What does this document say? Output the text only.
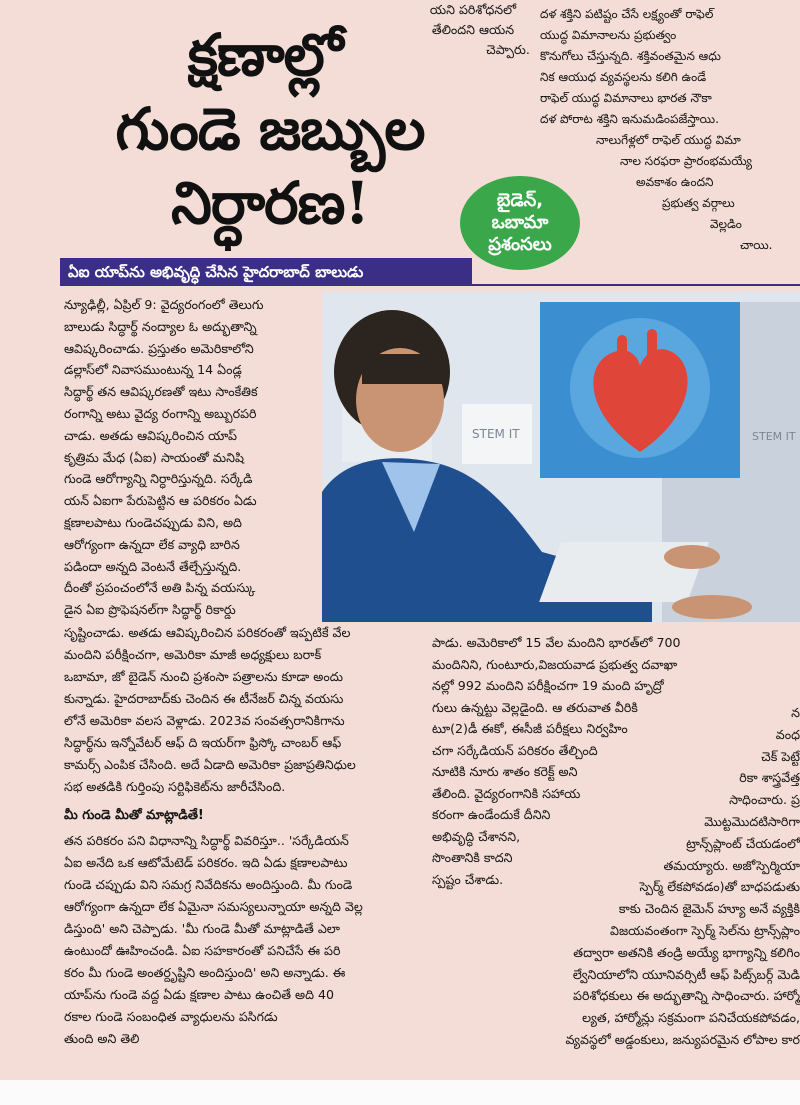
యని పరిశోధనలో

తేలిందని ఆయన

చెప్పారు.

దళ శక్తిని పటిష్టం చేసే లక్ష్యంతో రాఫెల్

యుద్ధ విమానాలను ప్రభుత్వం

కొనుగోలు చేస్తున్నది. శక్తివంతమైన ఆధు

నిక ఆయుధ వ్యవస్థలను కలిగి ఉండే

రాఫెల్ యుద్ధ విమానాలు భారత నౌకా

దళ పోరాట శక్తిని ఇనుమడింపజేస్తాయి.

నాలుగేళ్లలో రాఫెల్ యుద్ధ విమా

నాల సరఫరా ప్రారంభమయ్యే

అవకాశం ఉందని

ప్రభుత్వ వర్గాలు

వెల్లడిం

చాయి.

క్షణాల్లో
గుండె జబ్బుల
నిర్ధారణ!	బైడెన్,
ఒబామా
ప్రశంసలు
ఏఐ యాప్‌ను అభివృద్ధి చేసిన హైదరాబాద్ బాలుడు
STEM IT	STEM IT

న్యూఢిల్లీ, ఏప్రిల్ 9: వైద్యరంగంలో తెలుగు

బాలుడు సిద్ధార్థ్ నంద్యాల ఓ అద్భుతాన్ని

ఆవిష్కరించాడు. ప్రస్తుతం అమెరికాలోని

డల్లాస్‌లో నివాసముంటున్న 14 ఏండ్ల

సిద్ధార్థ్ తన ఆవిష్కరణతో ఇటు సాంకేతిక

రంగాన్ని అటు వైద్య రంగాన్ని అబ్బురపరి

చాడు. అతడు ఆవిష్కరించిన యాప్

కృత్రిమ మేధ (ఏఐ) సాయంతో మనిషి

గుండె ఆరోగ్యాన్ని నిర్ధారిస్తున్నది. సర్కేడి

యన్ ఏఐగా పేరుపెట్టిన ఆ పరికరం ఏడు

క్షణాలపాటు గుండెచప్పుడు విని, అది

ఆరోగ్యంగా ఉన్నదా లేక వ్యాధి బారిన

పడిందా అన్నది వెంటనే తేల్చేస్తున్నది.

దీంతో ప్రపంచంలోనే అతి పిన్న వయస్కు

డైన ఏఐ ప్రొఫెషనల్‌గా సిద్ధార్థ్ రికార్డు

సృష్టించాడు. అతడు ఆవిష్కరించిన పరికరంతో ఇప్పటికే వేల

మందిని పరీక్షించగా, అమెరికా మాజీ అధ్యక్షులు బరాక్

ఒబామా, జో బైడెన్ నుంచి ప్రశంసా పత్రాలను కూడా అందు

కున్నాడు. హైదరాబాద్‌కు చెందిన ఈ టీనేజర్ చిన్న వయసు

లోనే అమెరికా వలస వెళ్లాడు. 2023వ సంవత్సరానికిగాను

సిద్ధార్థ్‌ను ఇన్నోవేటర్ ఆఫ్ ది ఇయర్‌గా ఫ్రిస్కో చాంబర్ ఆఫ్

కామర్స్ ఎంపిక చేసింది. అదే ఏడాది అమెరికా ప్రజాప్రతినిధుల

సభ అతడికి గుర్తింపు సర్టిఫికెట్‌ను జారీచేసింది.

మీ గుండె మీతో మాట్లాడితే!

తన పరికరం పని విధానాన్ని సిద్ధార్థ్ వివరిస్తూ.. 'సర్కేడియన్

ఏఐ అనేది ఒక ఆటోమేటెడ్ పరికరం. ఇది ఏడు క్షణాలపాటు

గుండె చప్పుడు విని సమగ్ర నివేదికను అందిస్తుంది. మీ గుండె

ఆరోగ్యంగా ఉన్నదా లేక ఏమైనా సమస్యలున్నాయా అన్నది వెల్ల

డిస్తుంది' అని చెప్పాడు. 'మీ గుండె మీతో మాట్లాడితే ఎలా

ఉంటుందో ఊహించండి. ఏఐ సహకారంతో పనిచేసే ఈ పరి

కరం మీ గుండె అంతర్దృష్టిని అందిస్తుంది' అని అన్నాడు. ఈ

యాప్‌ను గుండె వద్ద ఏడు క్షణాల పాటు ఉంచితే అది 40

రకాల గుండె సంబంధిత వ్యాధులను పసిగడు

తుంది అని తెలి

పాడు. అమెరికాలో 15 వేల మందిని భారత్‌లో 700

మందినిని, గుంటూరు,విజయవాడ ప్రభుత్వ దవాఖా

నల్లో 992 మందిని పరీక్షించగా 19 మంది హృద్రో

గులు ఉన్నట్టు వెల్లడైంది. ఆ తరువాత వీరికి

టూ(2)డీ ఈకో, ఈసీజీ పరీక్షలు నిర్వహిం

చగా సర్కేడియన్ పరికరం తేల్చింది

నూటికి నూరు శాతం కరెక్ట్ అని

తేలింది. వైద్యరంగానికి సహాయ

కరంగా ఉండేందుకే దీనిని

అభివృద్ధి చేశానని,

సొంతానికి కాదని

స్పష్టం చేశాడు.

న

వంధ

చెక్ పెట్టే

రికా శాస్త్రవేత్త

సాధించారు. ప్ర

మొట్టమొదటిసారిగా

ట్రాన్స్‌ప్లాంట్ చేయడంలో

తమయ్యారు. అజోస్పెర్మియా

స్పెర్మ్ లేకపోవడం)తో బాధపడుతు

కాకు చెందిన జైమెన్ హ్యూ అనే వ్యక్తికి

విజయవంతంగా స్పెర్మ్ సెల్‌ను ట్రాన్స్‌ప్లాం

తద్వారా అతనికి తండ్రి అయ్యే భాగ్యాన్ని కలిగిం

ల్వేనియాలోని యూనివర్సిటీ ఆఫ్ పిట్స్‌బర్గ్ మెడి

పరిశోధకులు ఈ అద్భుతాన్ని సాధించారు. హార్మో

ల్యత, హార్మోన్లు సక్రమంగా పనిచేయకపోవడం,

వ్యవస్థలో అడ్డంకులు, జన్యుపరమైన లోపాల కార
